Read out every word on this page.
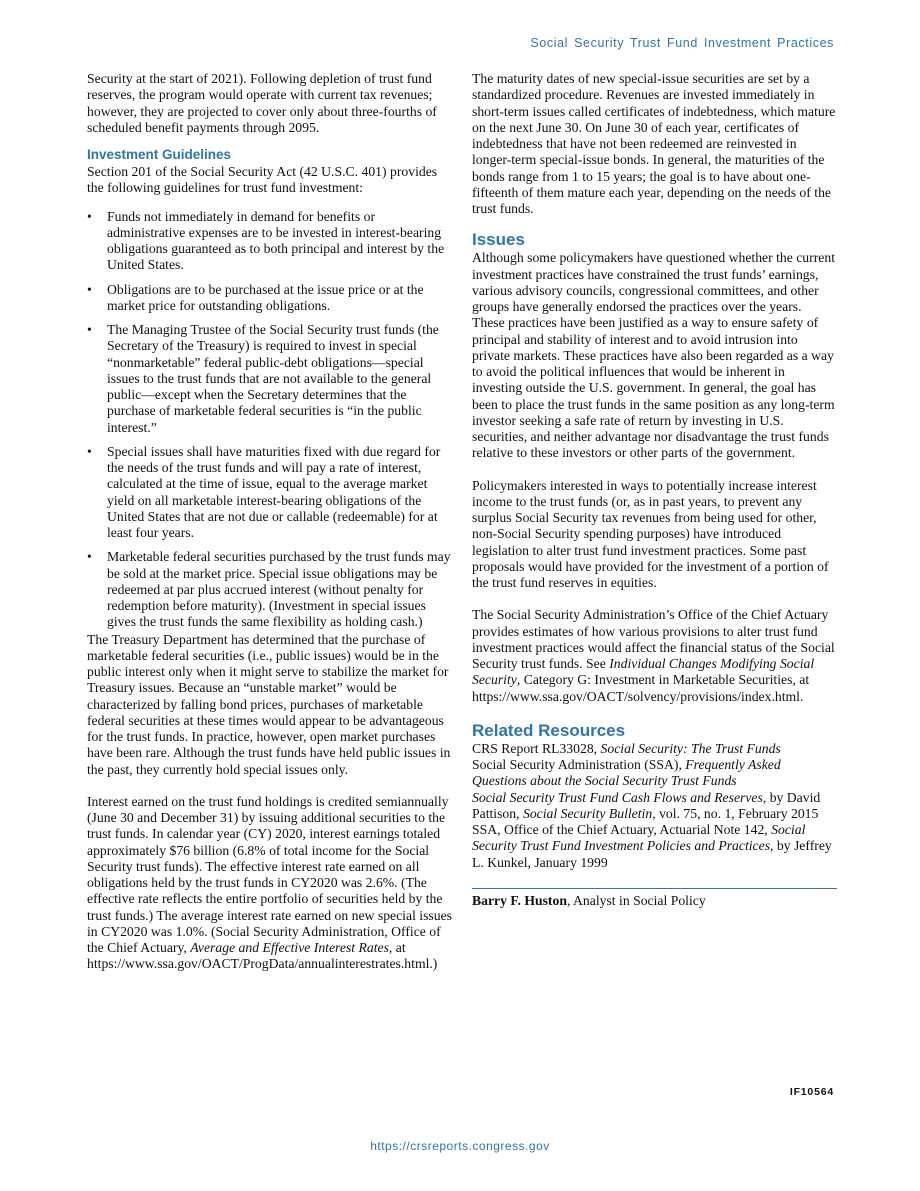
Social Security Trust Fund Investment Practices

Security at the start of 2021). Following depletion of trust fund reserves, the program would operate with current tax revenues; however, they are projected to cover only about three-fourths of scheduled benefit payments through 2095.

Investment Guidelines

Section 201 of the Social Security Act (42 U.S.C. 401) provides the following guidelines for trust fund investment:

• Funds not immediately in demand for benefits or administrative expenses are to be invested in interest-bearing obligations guaranteed as to both principal and interest by the United States.
• Obligations are to be purchased at the issue price or at the market price for outstanding obligations.
• The Managing Trustee of the Social Security trust funds (the Secretary of the Treasury) is required to invest in special “nonmarketable” federal public-debt obligations—special issues to the trust funds that are not available to the general public—except when the Secretary determines that the purchase of marketable federal securities is “in the public interest.”
• Special issues shall have maturities fixed with due regard for the needs of the trust funds and will pay a rate of interest, calculated at the time of issue, equal to the average market yield on all marketable interest-bearing obligations of the United States that are not due or callable (redeemable) for at least four years.
• Marketable federal securities purchased by the trust funds may be sold at the market price. Special issue obligations may be redeemed at par plus accrued interest (without penalty for redemption before maturity). (Investment in special issues gives the trust funds the same flexibility as holding cash.)

The Treasury Department has determined that the purchase of marketable federal securities (i.e., public issues) would be in the public interest only when it might serve to stabilize the market for Treasury issues. Because an “unstable market” would be characterized by falling bond prices, purchases of marketable federal securities at these times would appear to be advantageous for the trust funds. In practice, however, open market purchases have been rare. Although the trust funds have held public issues in the past, they currently hold special issues only.

Interest earned on the trust fund holdings is credited semiannually (June 30 and December 31) by issuing additional securities to the trust funds. In calendar year (CY) 2020, interest earnings totaled approximately $76 billion (6.8% of total income for the Social Security trust funds). The effective interest rate earned on all obligations held by the trust funds in CY2020 was 2.6%. (The effective rate reflects the entire portfolio of securities held by the trust funds.) The average interest rate earned on new special issues in CY2020 was 1.0%. (Social Security Administration, Office of the Chief Actuary, Average and Effective Interest Rates, at https://www.ssa.gov/OACT/ProgData/annualinterestrates.html.)

The maturity dates of new special-issue securities are set by a standardized procedure. Revenues are invested immediately in short-term issues called certificates of indebtedness, which mature on the next June 30. On June 30 of each year, certificates of indebtedness that have not been redeemed are reinvested in longer-term special-issue bonds. In general, the maturities of the bonds range from 1 to 15 years; the goal is to have about one-fifteenth of them mature each year, depending on the needs of the trust funds.

Issues

Although some policymakers have questioned whether the current investment practices have constrained the trust funds’ earnings, various advisory councils, congressional committees, and other groups have generally endorsed the practices over the years. These practices have been justified as a way to ensure safety of principal and stability of interest and to avoid intrusion into private markets. These practices have also been regarded as a way to avoid the political influences that would be inherent in investing outside the U.S. government. In general, the goal has been to place the trust funds in the same position as any long-term investor seeking a safe rate of return by investing in U.S. securities, and neither advantage nor disadvantage the trust funds relative to these investors or other parts of the government.

Policymakers interested in ways to potentially increase interest income to the trust funds (or, as in past years, to prevent any surplus Social Security tax revenues from being used for other, non-Social Security spending purposes) have introduced legislation to alter trust fund investment practices. Some past proposals would have provided for the investment of a portion of the trust fund reserves in equities.

The Social Security Administration’s Office of the Chief Actuary provides estimates of how various provisions to alter trust fund investment practices would affect the financial status of the Social Security trust funds. See Individual Changes Modifying Social Security, Category G: Investment in Marketable Securities, at https://www.ssa.gov/OACT/solvency/provisions/index.html.

Related Resources

CRS Report RL33028, Social Security: The Trust Funds

Social Security Administration (SSA), Frequently Asked Questions about the Social Security Trust Funds

Social Security Trust Fund Cash Flows and Reserves, by David Pattison, Social Security Bulletin, vol. 75, no. 1, February 2015

SSA, Office of the Chief Actuary, Actuarial Note 142, Social Security Trust Fund Investment Policies and Practices, by Jeffrey L. Kunkel, January 1999

Barry F. Huston, Analyst in Social Policy

IF10564
https://crsreports.congress.gov
